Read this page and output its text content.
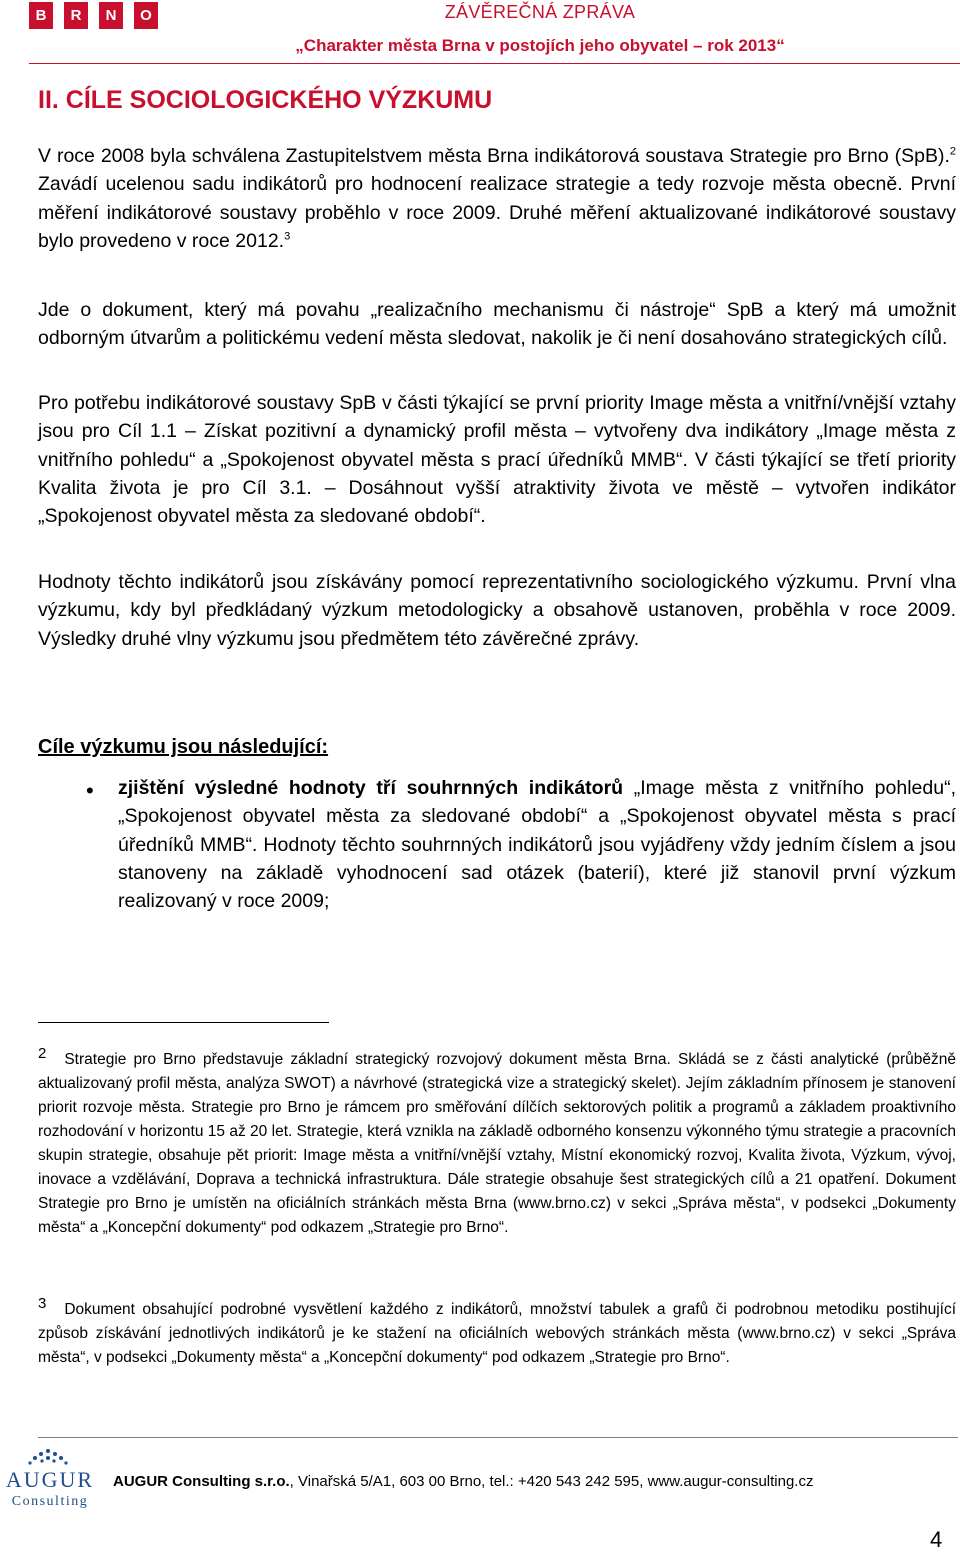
B	R	N	O	ZÁVĚREČNÁ ZPRÁVA
„Charakter města Brna v postojích jeho obyvatel – rok 2013“
II. CÍLE SOCIOLOGICKÉHO VÝZKUMU

V roce 2008 byla schválena Zastupitelstvem města Brna indikátorová soustava Strategie pro Brno (SpB).$^2$ Zavádí ucelenou sadu indikátorů pro hodnocení realizace strategie a tedy rozvoje města obecně. První měření indikátorové soustavy proběhlo v roce 2009. Druhé měření aktualizované indikátorové soustavy bylo provedeno v roce 2012.$^3$

Jde o dokument, který má povahu „realizačního mechanismu či nástroje“ SpB a který má umožnit odborným útvarům a politickému vedení města sledovat, nakolik je či není dosahováno strategických cílů.

Pro potřebu indikátorové soustavy SpB v části týkající se první priority Image města a vnitřní/vnější vztahy jsou pro Cíl 1.1 – Získat pozitivní a dynamický profil města – vytvořeny dva indikátory „Image města z vnitřního pohledu“ a „Spokojenost obyvatel města s prací úředníků MMB“. V části týkající se třetí priority Kvalita života je pro Cíl 3.1. – Dosáhnout vyšší atraktivity života ve městě – vytvořen indikátor „Spokojenost obyvatel města za sledované období“.

Hodnoty těchto indikátorů jsou získávány pomocí reprezentativního sociologického výzkumu. První vlna výzkumu, kdy byl předkládaný výzkum metodologicky a obsahově ustanoven, proběhla v roce 2009. Výsledky druhé vlny výzkumu jsou předmětem této závěrečné zprávy.

Cíle výzkumu jsou následující:
• zjištění výsledné hodnoty tří souhrnných indikátorů „Image města z vnitřního pohledu“, „Spokojenost obyvatel města za sledované období“ a „Spokojenost obyvatel města s prací úředníků MMB“. Hodnoty těchto souhrnných indikátorů jsou vyjádřeny vždy jedním číslem a jsou stanoveny na základě vyhodnocení sad otázek (baterií), které již stanovil první výzkum realizovaný v roce 2009;

2 Strategie pro Brno představuje základní strategický rozvojový dokument města Brna. Skládá se z části analytické (průběžně aktualizovaný profil města, analýza SWOT) a návrhové (strategická vize a strategický skelet). Jejím základním přínosem je stanovení priorit rozvoje města. Strategie pro Brno je rámcem pro směřování dílčích sektorových politik a programů a základem proaktivního rozhodování v horizontu 15 až 20 let. Strategie, která vznikla na základě odborného konsenzu výkonného týmu strategie a pracovních skupin strategie, obsahuje pět priorit: Image města a vnitřní/vnější vztahy, Místní ekonomický rozvoj, Kvalita života, Výzkum, vývoj, inovace a vzdělávání, Doprava a technická infrastruktura. Dále strategie obsahuje šest strategických cílů a 21 opatření. Dokument Strategie pro Brno je umístěn na oficiálních stránkách města Brna (www.brno.cz) v sekci „Správa města“, v podsekci „Dokumenty města“ a „Koncepční dokumenty“ pod odkazem „Strategie pro Brno“.

3 Dokument obsahující podrobné vysvětlení každého z indikátorů, množství tabulek a grafů či podrobnou metodiku postihující způsob získávání jednotlivých indikátorů je ke stažení na oficiálních webových stránkách města (www.brno.cz) v sekci „Správa města“, v podsekci „Dokumenty města“ a „Koncepční dokumenty“ pod odkazem „Strategie pro Brno“.

AUGUR
Consulting
AUGUR Consulting s.r.o., Vinařská 5/A1, 603 00 Brno, tel.: +420 543 242 595, www.augur-consulting.cz
4
